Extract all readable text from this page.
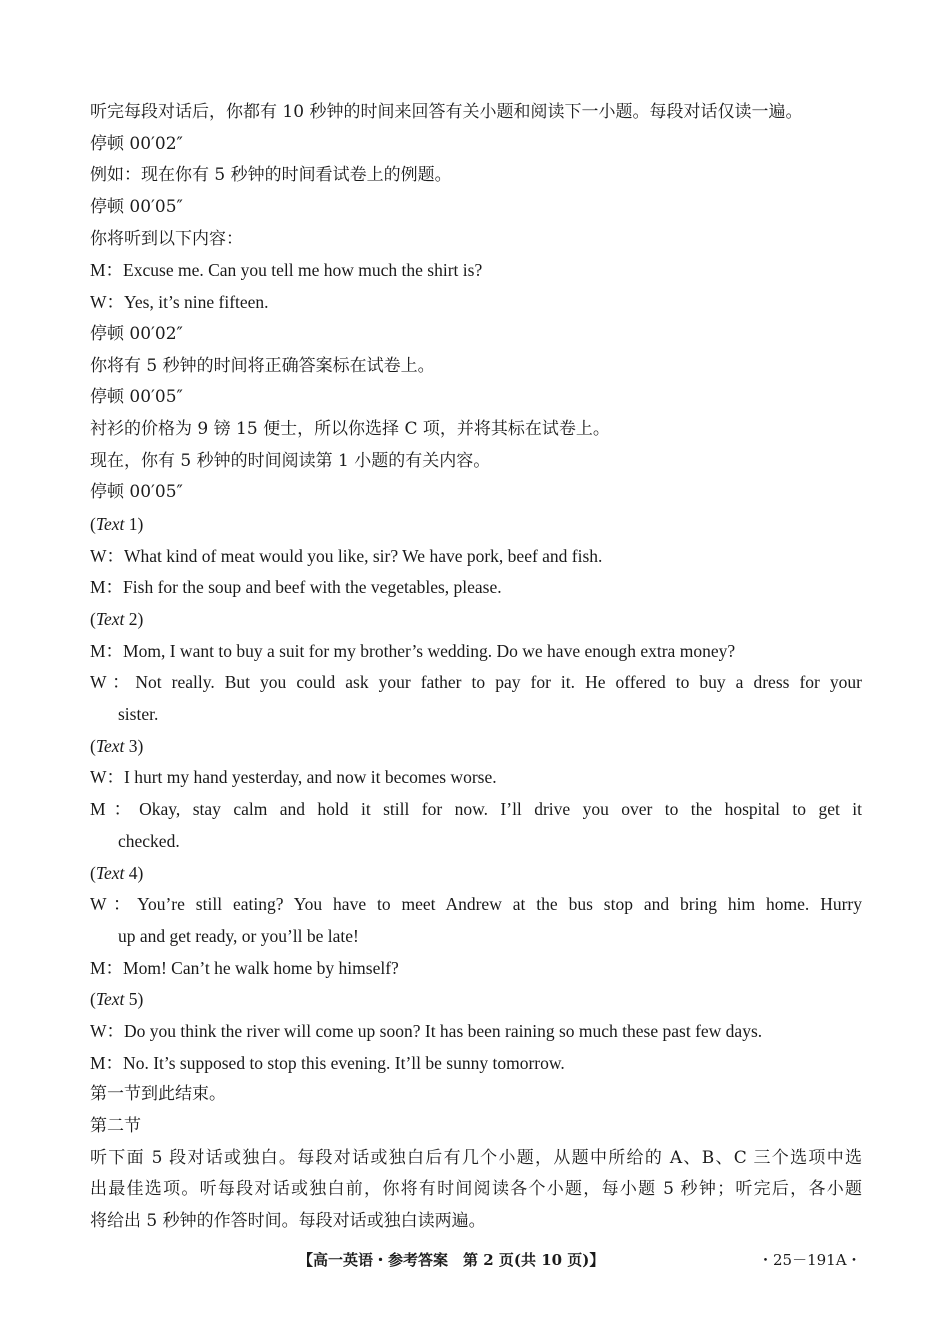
听完每段对话后，你都有 10 秒钟的时间来回答有关小题和阅读下一小题。每段对话仅读一遍。
停顿 00′02″
例如：现在你有 5 秒钟的时间看试卷上的例题。
停顿 00′05″
你将听到以下内容：
M：Excuse me. Can you tell me how much the shirt is?
W：Yes, it’s nine fifteen.
停顿 00′02″
你将有 5 秒钟的时间将正确答案标在试卷上。
停顿 00′05″
衬衫的价格为 9 镑 15 便士，所以你选择 C 项，并将其标在试卷上。
现在，你有 5 秒钟的时间阅读第 1 小题的有关内容。
停顿 00′05″
(Text 1)
W：What kind of meat would you like, sir? We have pork, beef and fish.
M：Fish for the soup and beef with the vegetables, please.
(Text 2)
M：Mom, I want to buy a suit for my brother’s wedding. Do we have enough extra money?
W：Not really. But you could ask your father to pay for it. He offered to buy a dress for your
sister.
(Text 3)
W：I hurt my hand yesterday, and now it becomes worse.
M：Okay, stay calm and hold it still for now. I’ll drive you over to the hospital to get it
checked.
(Text 4)
W：You’re still eating? You have to meet Andrew at the bus stop and bring him home. Hurry
up and get ready, or you’ll be late!
M：Mom! Can’t he walk home by himself?
(Text 5)
W：Do you think the river will come up soon? It has been raining so much these past few days.
M：No. It’s supposed to stop this evening. It’ll be sunny tomorrow.
第一节到此结束。
第二节
听下面 5 段对话或独白。每段对话或独白后有几个小题，从题中所给的 A、B、C 三个选项中选
出最佳选项。听每段对话或独白前，你将有时间阅读各个小题，每小题 5 秒钟；听完后，各小题
将给出 5 秒钟的作答时间。每段对话或独白读两遍。
【高一英语・参考答案　第 2 页(共 10 页)】	・25－191A・
